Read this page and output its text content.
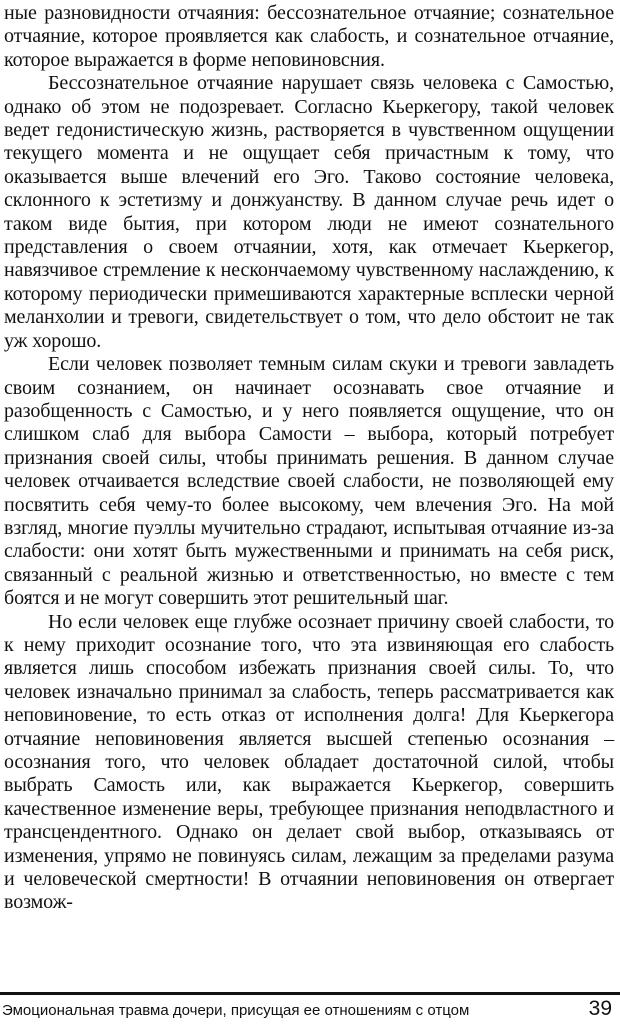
ные разновидности отчаяния: бессознательное отчаяние; сознательное отчаяние, которое проявляется как слабость, и сознательное отчаяние, которое выражается в форме неповиновсния.

Бессознательное отчаяние нарушает связь человека с Самостью, однако об этом не подозревает. Согласно Кьеркегору, такой человек ведет гедонистическую жизнь, растворяется в чувственном ощущении текущего момента и не ощущает себя причастным к тому, что оказывается выше влечений его Эго. Таково состояние человека, склонного к эстетизму и донжуанству. В данном случае речь идет о таком виде бытия, при котором люди не имеют сознательного представления о своем отчаянии, хотя, как отмечает Кьеркегор, навязчивое стремление к нескончаемому чувственному наслаждению, к которому периодически примешиваются характерные всплески черной меланхолии и тревоги, свидетельствует о том, что дело обстоит не так уж хорошо.

Если человек позволяет темным силам скуки и тревоги завладеть своим сознанием, он начинает осознавать свое отчаяние и разобщенность с Самостью, и у него появляется ощущение, что он слишком слаб для выбора Самости – выбора, который потребует признания своей силы, чтобы принимать решения. В данном случае человек отчаивается вследствие своей слабости, не позволяющей ему посвятить себя чему-то более высокому, чем влечения Эго. На мой взгляд, многие пуэллы мучительно страдают, испытывая отчаяние из-за слабости: они хотят быть мужественными и принимать на себя риск, связанный с реальной жизнью и ответственностью, но вместе с тем боятся и не могут совершить этот решительный шаг.

Но если человек еще глубже осознает причину своей слабости, то к нему приходит осознание того, что эта извиняющая его слабость является лишь способом избежать признания своей силы. То, что человек изначально принимал за слабость, теперь рассматривается как неповиновение, то есть отказ от исполнения долга! Для Кьеркегора отчаяние неповиновения является высшей степенью осознания – осознания того, что человек обладает достаточной силой, чтобы выбрать Самость или, как выражается Кьеркегор, совершить качественное изменение веры, требующее признания неподвластного и трансцендентного. Однако он делает свой выбор, отказываясь от изменения, упрямо не повинуясь силам, лежащим за пределами разума и человеческой смертности! В отчаянии неповиновения он отвергает возмож-

Эмоциональная травма дочери, присущая ее отношениям с отцом	39
